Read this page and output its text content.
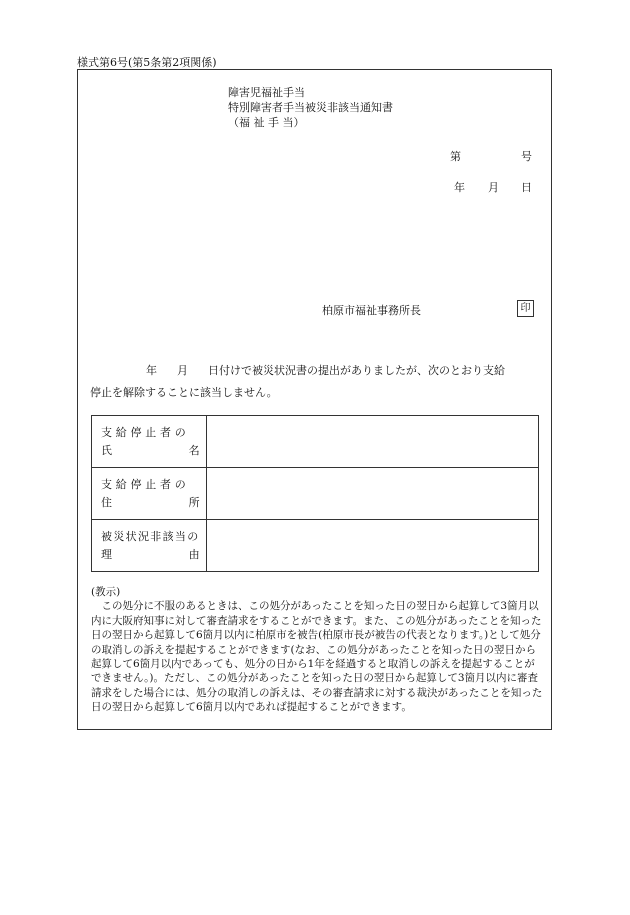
様式第6号(第5条第2項関係)
障害児福祉手当
特別障害者手当被災非該当通知書
（福 祉 手 当）
第	号
年 月 日
柏原市福祉事務所長	印
年 月 日付けで被災状況書の提出がありましたが、次のとおり支給
停止を解除することに該当しません。
支給停止者の
氏 名	

支給停止者の
住 所	

被災状況非該当の
理 由	

(教示)

この処分に不服のあるときは、この処分があったことを知った日の翌日から起算して3箇月以内に大阪府知事に対して審査請求をすることができます。また、この処分があったことを知った日の翌日から起算して6箇月以内に柏原市を被告(柏原市長が被告の代表となります。)として処分の取消しの訴えを提起することができます(なお、この処分があったことを知った日の翌日から起算して6箇月以内であっても、処分の日から1年を経過すると取消しの訴えを提起することができません。)。ただし、この処分があったことを知った日の翌日から起算して3箇月以内に審査請求をした場合には、処分の取消しの訴えは、その審査請求に対する裁決があったことを知った日の翌日から起算して6箇月以内であれば提起することができます。
